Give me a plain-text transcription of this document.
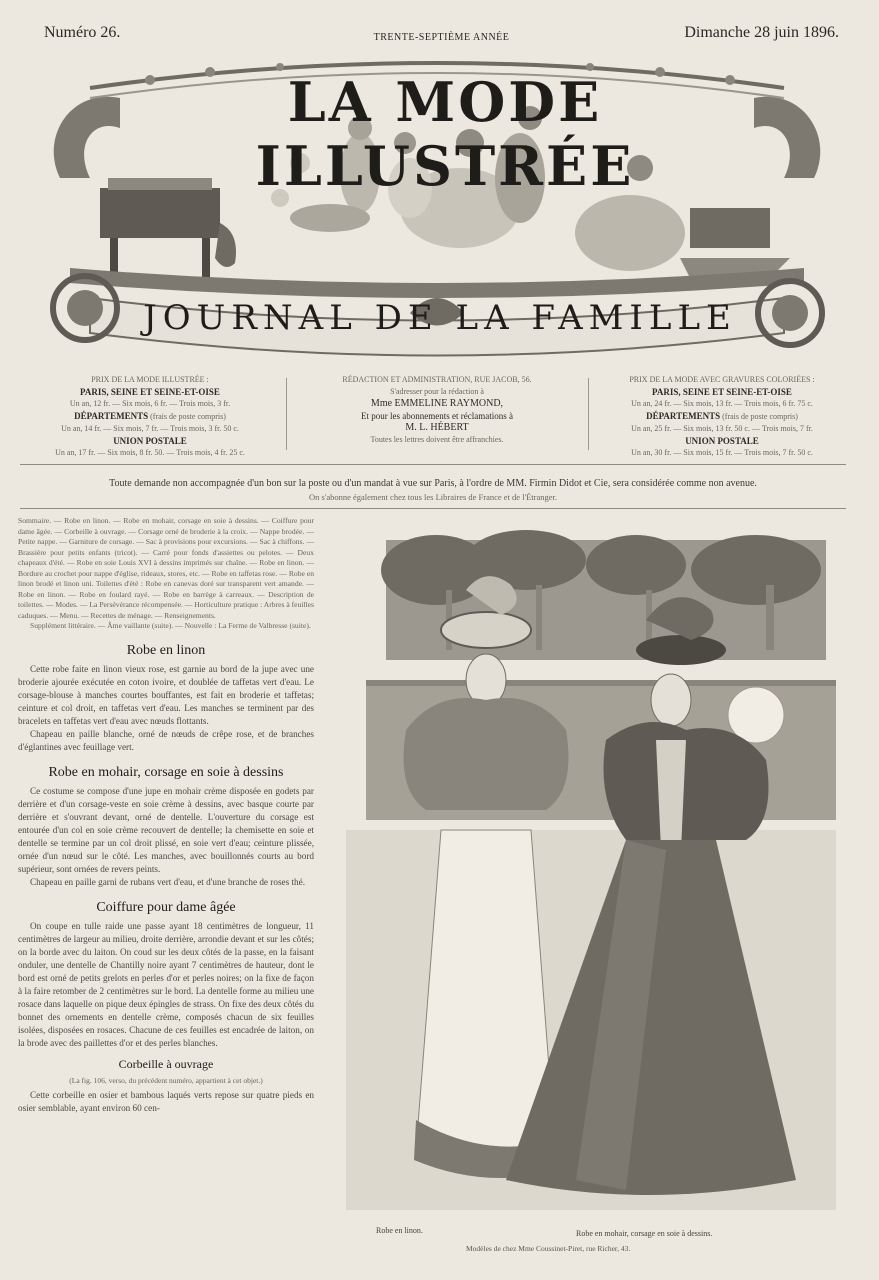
Numéro 26.	TRENTE-SEPTIÈME ANNÉE	Dimanche 28 juin 1896.
LA MODE ILLUSTRÉE
JOURNAL DE LA FAMILLE
PRIX DE LA MODE ILLUSTRÉE :
PARIS, SEINE ET SEINE-ET-OISE
Un an, 12 fr. — Six mois, 6 fr. — Trois mois, 3 fr.
DÉPARTEMENTS (frais de poste compris)
Un an, 14 fr. — Six mois, 7 fr. — Trois mois, 3 fr. 50 c.
UNION POSTALE
Un an, 17 fr. — Six mois, 8 fr. 50. — Trois mois, 4 fr. 25 c.
RÉDACTION ET ADMINISTRATION, RUE JACOB, 56.
S'adresser pour la rédaction à
Mme EMMELINE RAYMOND,
Et pour les abonnements et réclamations à
M. L. HÉBERT
Toutes les lettres doivent être affranchies.
PRIX DE LA MODE AVEC GRAVURES COLORIÉES :
PARIS, SEINE ET SEINE-ET-OISE
Un an, 24 fr. — Six mois, 13 fr. — Trois mois, 6 fr. 75 c.
DÉPARTEMENTS (frais de poste compris)
Un an, 25 fr. — Six mois, 13 fr. 50 c. — Trois mois, 7 fr.
UNION POSTALE
Un an, 30 fr. — Six mois, 15 fr. — Trois mois, 7 fr. 50 c.
Toute demande non accompagnée d'un bon sur la poste ou d'un mandat à vue sur Paris, à l'ordre de MM. Firmin Didot et Cie, sera considérée comme non avenue.
On s'abonne également chez tous les Libraires de France et de l'Étranger.

Sommaire. — Robe en linon. — Robe en mohair, corsage en soie à dessins. — Coiffure pour dame âgée. — Corbeille à ouvrage. — Corsage orné de broderie à la croix. — Nappe brodée. — Petite nappe. — Garniture de corsage. — Sac à provisions pour excursions. — Sac à chiffons. — Brassière pour petits enfants (tricot). — Carré pour fonds d'assiettes ou pelotes. — Deux chapeaux d'été. — Robe en soie Louis XVI à dessins imprimés sur chaîne. — Robe en linon. — Bordure au crochet pour nappe d'église, rideaux, stores, etc. — Robe en taffetas rose. — Robe en linon brodé et linon uni. Toilettes d'été : Robe en canevas doré sur transparent vert amande. — Robe en linon. — Robe en foulard rayé. — Robe en barrège à carreaux. — Description de toilettes. — Modes. — La Persévérance récompensée. — Horticulture pratique : Arbres à feuilles caduques. — Menu. — Recettes de ménage. — Renseignements.

Supplément littéraire. — Âme vaillante (suite). — Nouvelle : La Ferme de Valbresse (suite).

Robe en linon

Cette robe faite en linon vieux rose, est garnie au bord de la jupe avec une broderie ajourée exécutée en coton ivoire, et doublée de taffetas vert d'eau. Le corsage-blouse à manches courtes bouffantes, est fait en broderie et taffetas; ceinture et col droit, en taffetas vert d'eau. Les manches se terminent par des bracelets en taffetas vert d'eau avec nœuds flottants.

Chapeau en paille blanche, orné de nœuds de crêpe rose, et de branches d'églantines avec feuillage vert.

Robe en mohair, corsage en soie à dessins

Ce costume se compose d'une jupe en mohair crème disposée en godets par derrière et d'un corsage-veste en soie crème à dessins, avec basque courte par derrière et s'ouvrant devant, orné de dentelle. L'ouverture du corsage est entourée d'un col en soie crème recouvert de dentelle; la chemisette en soie et dentelle se termine par un col droit plissé, en soie vert d'eau; ceinture plissée, ornée d'un nœud sur le côté. Les manches, avec bouillonnés courts au bord supérieur, sont ornées de revers peints.

Chapeau en paille garni de rubans vert d'eau, et d'une branche de roses thé.

Coiffure pour dame âgée

On coupe en tulle raide une passe ayant 18 centimètres de longueur, 11 centimètres de largeur au milieu, droite derrière, arrondie devant et sur les côtés; on la borde avec du laiton. On coud sur les deux côtés de la passe, en la faisant onduler, une dentelle de Chantilly noire ayant 7 centimètres de hauteur, dont le bord est orné de petits grelots en perles d'or et perles noires; on la fixe de façon à la faire retomber de 2 centimètres sur le bord. La dentelle forme au milieu une rosace dans laquelle on pique deux épingles de strass. On fixe des deux côtés du bonnet des ornements en dentelle crème, composés chacun de six feuilles isolées, disposées en rosaces. Chacune de ces feuilles est encadrée de laiton, on la brode avec des paillettes d'or et des perles blanches.

Corbeille à ouvrage
(La fig. 106, verso, du précédent numéro, appartient à cet objet.)

Cette corbeille en osier et bambous laqués verts repose sur quatre pieds en osier semblable, ayant environ 60 cen-

Robe en linon.	Robe en mohair, corsage en soie à dessins.
Modèles de chez Mme Coussinet-Piret, rue Richer, 43.
